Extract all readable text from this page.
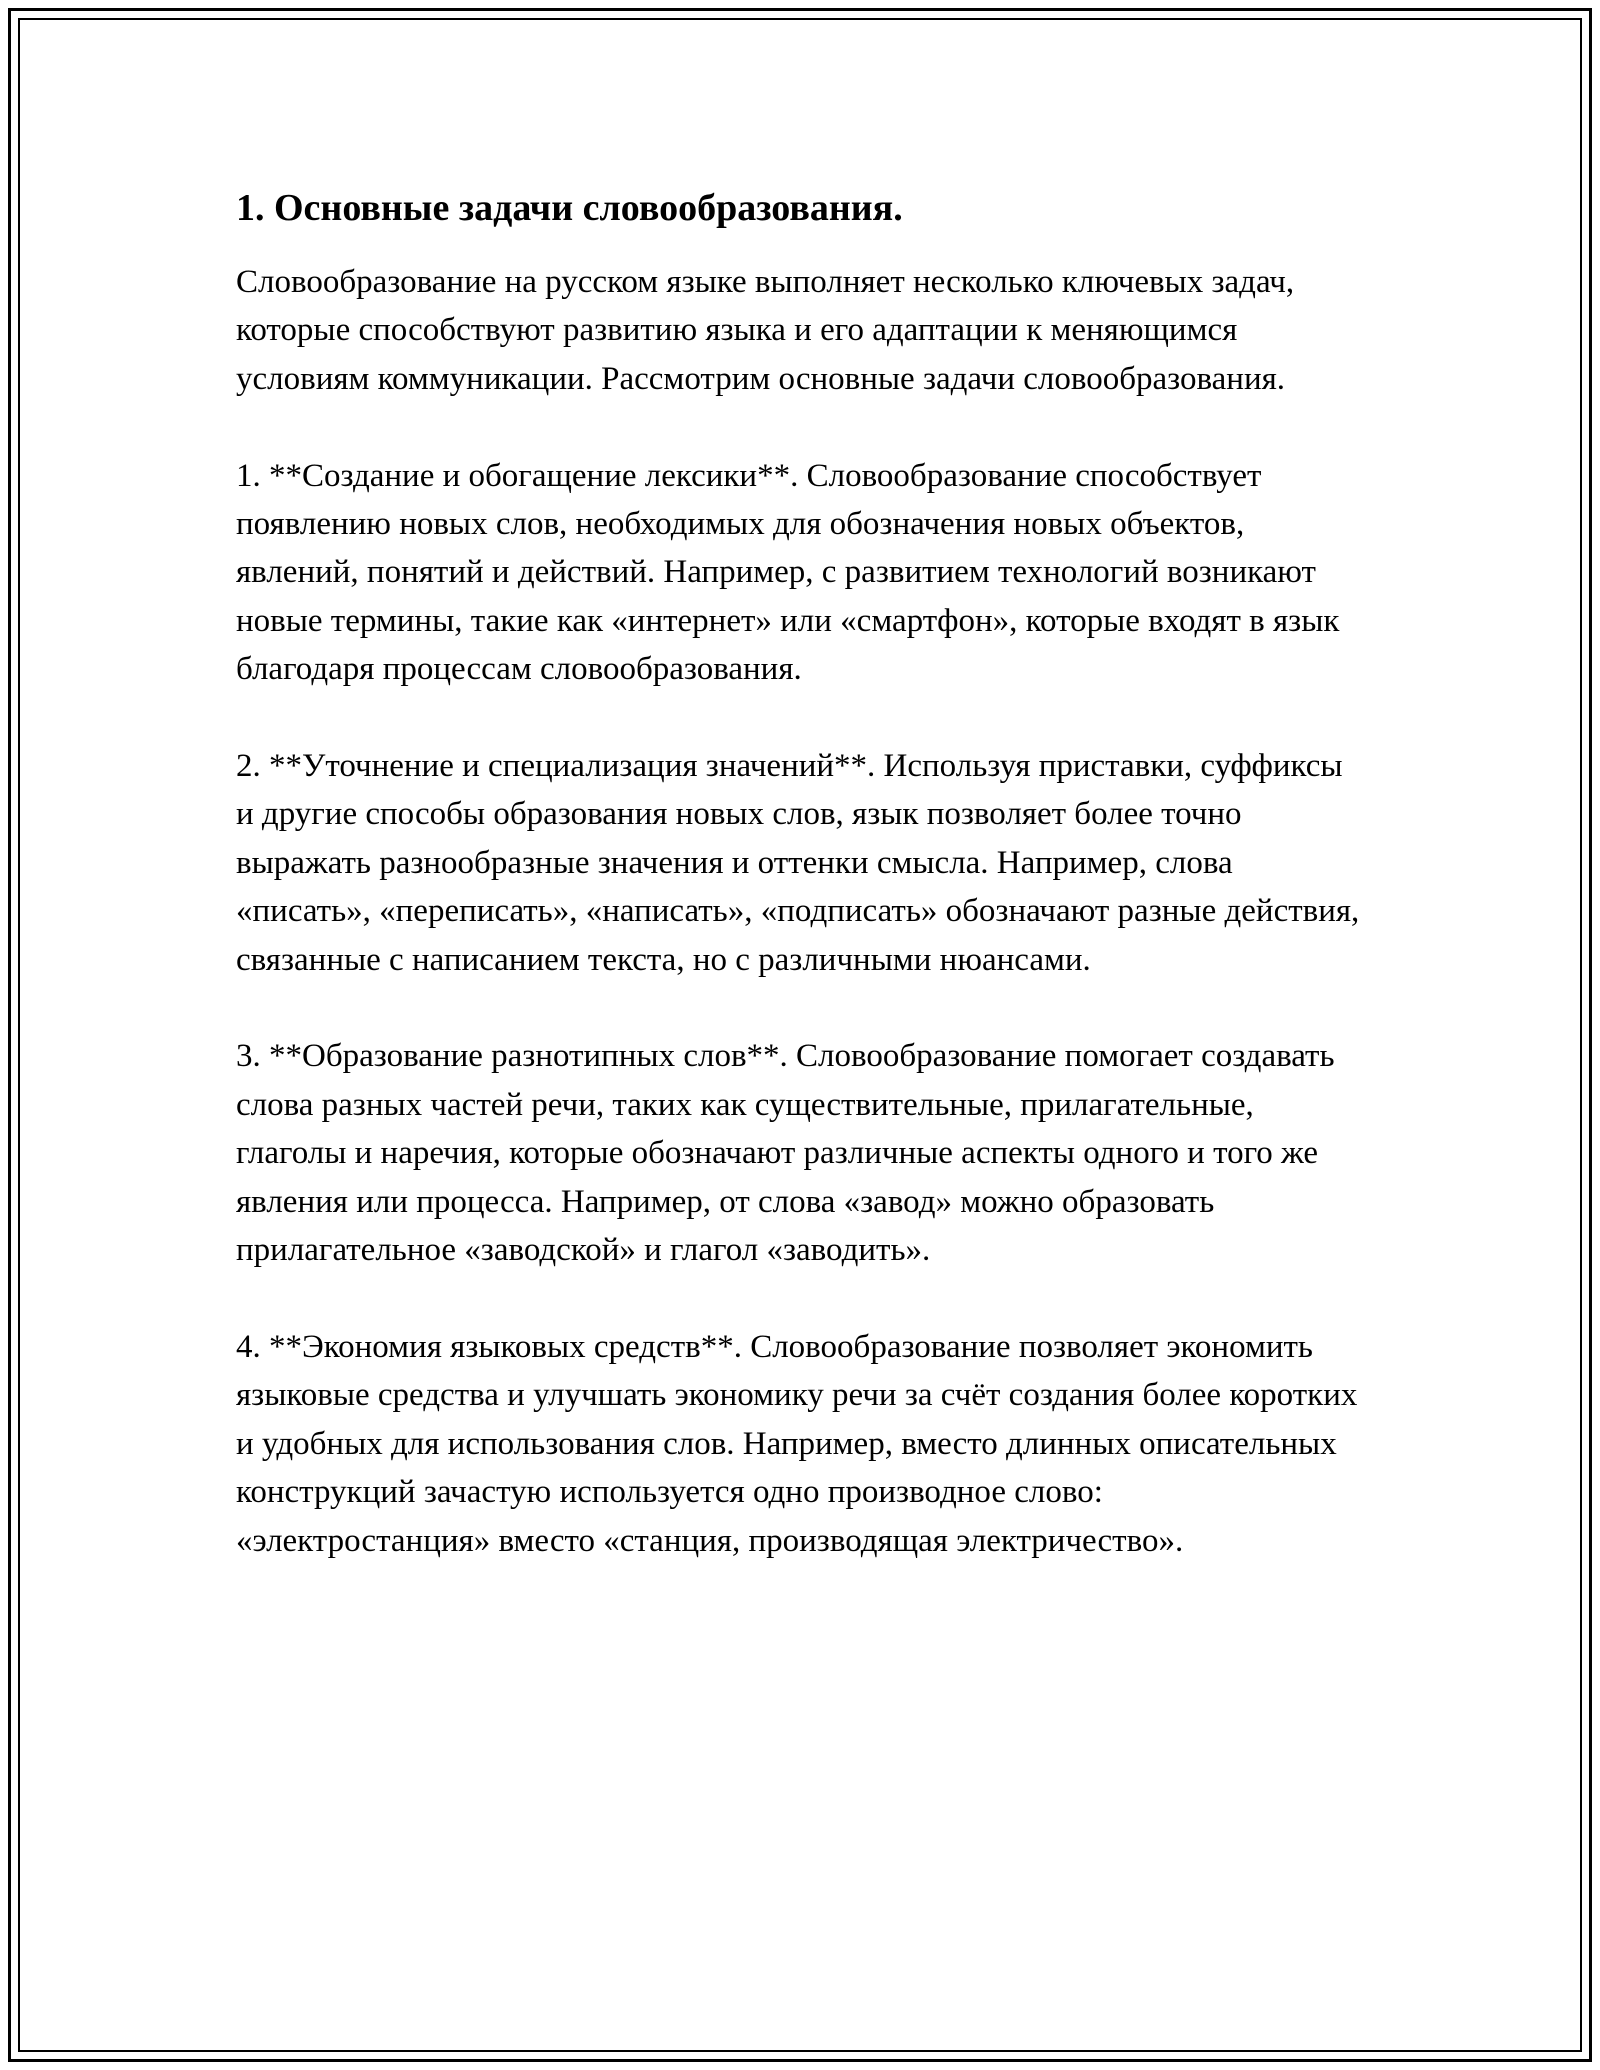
1. Основные задачи словообразования.

Словообразование на русском языке выполняет несколько ключевых задач, которые способствуют развитию языка и его адаптации к меняющимся условиям коммуникации. Рассмотрим основные задачи словообразования.

1. **Создание и обогащение лексики**. Словообразование способствует появлению новых слов, необходимых для обозначения новых объектов, явлений, понятий и действий. Например, с развитием технологий возникают новые термины, такие как «интернет» или «смартфон», которые входят в язык благодаря процессам словообразования.

2. **Уточнение и специализация значений**. Используя приставки, суффиксы и другие способы образования новых слов, язык позволяет более точно выражать разнообразные значения и оттенки смысла. Например, слова «писать», «переписать», «написать», «подписать» обозначают разные действия, связанные с написанием текста, но с различными нюансами.

3. **Образование разнотипных слов**. Словообразование помогает создавать слова разных частей речи, таких как существительные, прилагательные, глаголы и наречия, которые обозначают различные аспекты одного и того же явления или процесса. Например, от слова «завод» можно образовать прилагательное «заводской» и глагол «заводить».

4. **Экономия языковых средств**. Словообразование позволяет экономить языковые средства и улучшать экономику речи за счёт создания более коротких и удобных для использования слов. Например, вместо длинных описательных конструкций зачастую используется одно производное слово: «электростанция» вместо «станция, производящая электричество».
